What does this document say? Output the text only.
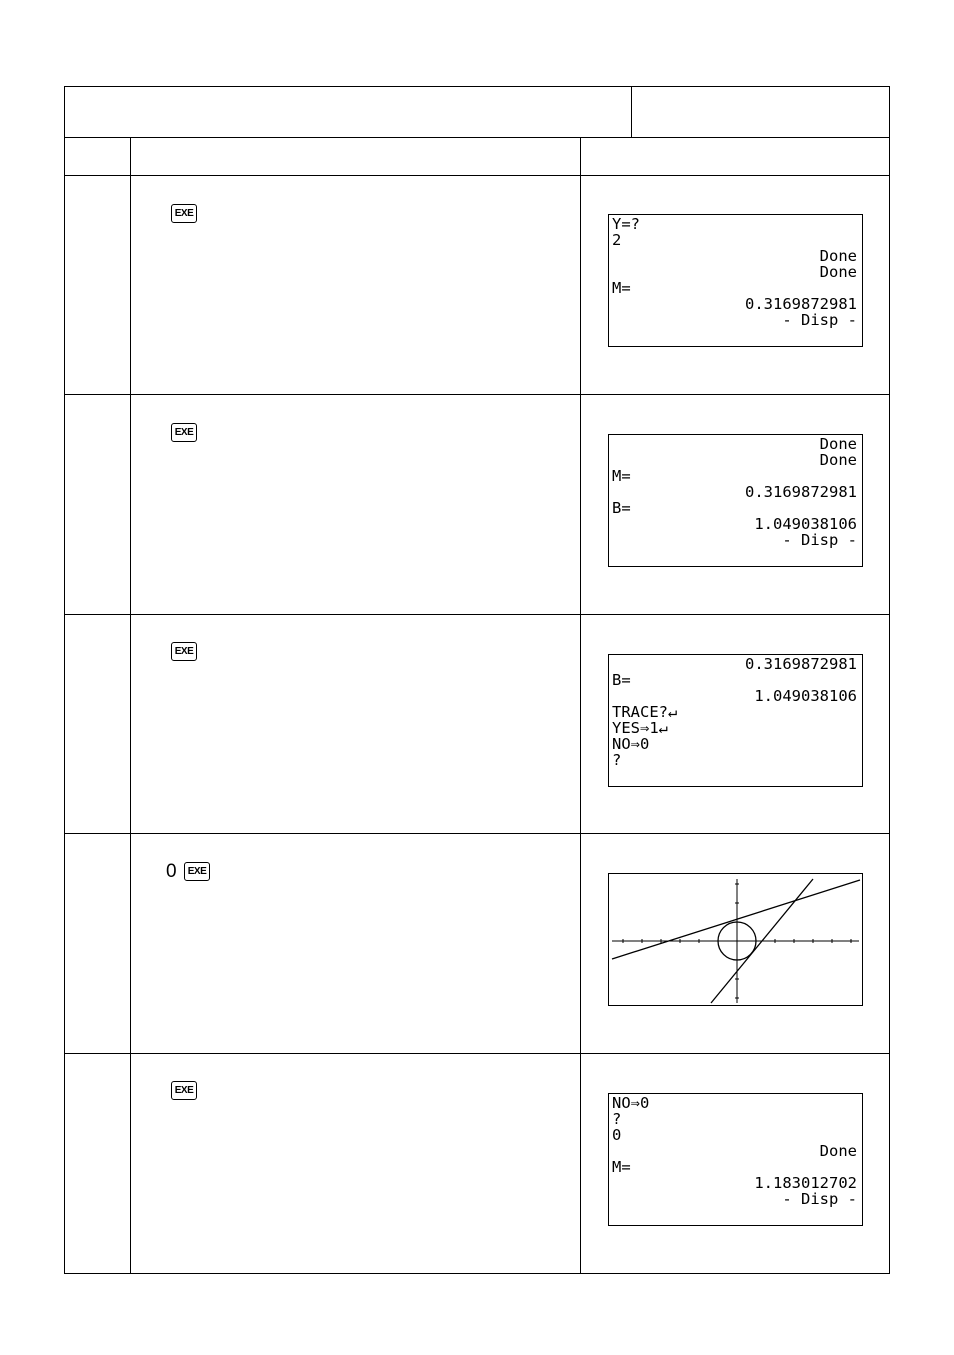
EXE
Y=?
2
Done
Done
M=
0.3169872981
- Disp -
EXE
Done
Done
M=
0.3169872981
B=
1.049038106
- Disp -
EXE
0.3169872981
B=
1.049038106
TRACE?↵
YES⇒1↵
NO⇒0
?
0 EXE
EXE
NO⇒0
?
0
Done
M=
1.183012702
- Disp -
